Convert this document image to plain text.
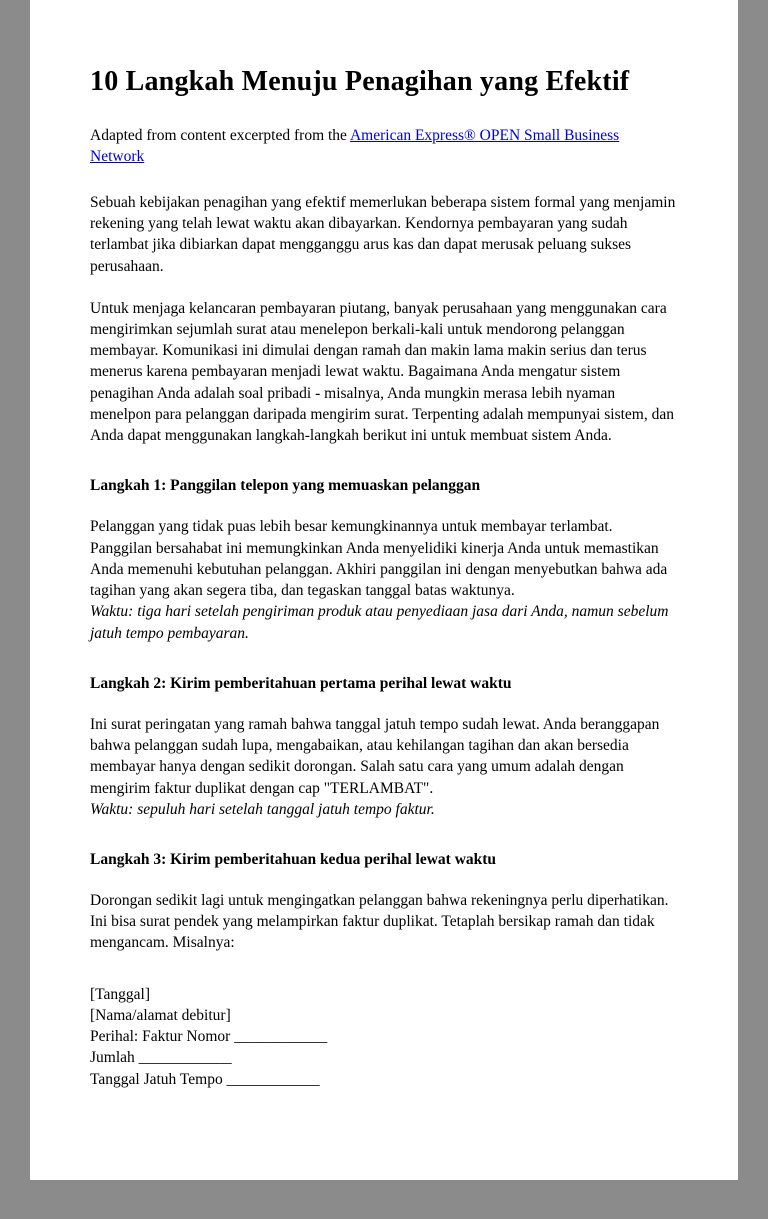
10 Langkah Menuju Penagihan yang Efektif

Adapted from content excerpted from the American Express® OPEN Small Business Network

Sebuah kebijakan penagihan yang efektif memerlukan beberapa sistem formal yang menjamin rekening yang telah lewat waktu akan dibayarkan. Kendornya pembayaran yang sudah terlambat jika dibiarkan dapat mengganggu arus kas dan dapat merusak peluang sukses perusahaan.

Untuk menjaga kelancaran pembayaran piutang, banyak perusahaan yang menggunakan cara mengirimkan sejumlah surat atau menelepon berkali-kali untuk mendorong pelanggan membayar. Komunikasi ini dimulai dengan ramah dan makin lama makin serius dan terus menerus karena pembayaran menjadi lewat waktu. Bagaimana Anda mengatur sistem penagihan Anda adalah soal pribadi - misalnya, Anda mungkin merasa lebih nyaman menelpon para pelanggan daripada mengirim surat. Terpenting adalah mempunyai sistem, dan Anda dapat menggunakan langkah-langkah berikut ini untuk membuat sistem Anda.

Langkah 1: Panggilan telepon yang memuaskan pelanggan

Pelanggan yang tidak puas lebih besar kemungkinannya untuk membayar terlambat. Panggilan bersahabat ini memungkinkan Anda menyelidiki kinerja Anda untuk memastikan Anda memenuhi kebutuhan pelanggan. Akhiri panggilan ini dengan menyebutkan bahwa ada tagihan yang akan segera tiba, dan tegaskan tanggal batas waktunya.

Waktu: tiga hari setelah pengiriman produk atau penyediaan jasa dari Anda, namun sebelum jatuh tempo pembayaran.

Langkah 2: Kirim pemberitahuan pertama perihal lewat waktu

Ini surat peringatan yang ramah bahwa tanggal jatuh tempo sudah lewat. Anda beranggapan bahwa pelanggan sudah lupa, mengabaikan, atau kehilangan tagihan dan akan bersedia membayar hanya dengan sedikit dorongan. Salah satu cara yang umum adalah dengan mengirim faktur duplikat dengan cap "TERLAMBAT".

Waktu: sepuluh hari setelah tanggal jatuh tempo faktur.

Langkah 3: Kirim pemberitahuan kedua perihal lewat waktu

Dorongan sedikit lagi untuk mengingatkan pelanggan bahwa rekeningnya perlu diperhatikan. Ini bisa surat pendek yang melampirkan faktur duplikat. Tetaplah bersikap ramah dan tidak mengancam. Misalnya:

[Tanggal]
[Nama/alamat debitur]
Perihal: Faktur Nomor ____________
Jumlah ____________
Tanggal Jatuh Tempo ____________
